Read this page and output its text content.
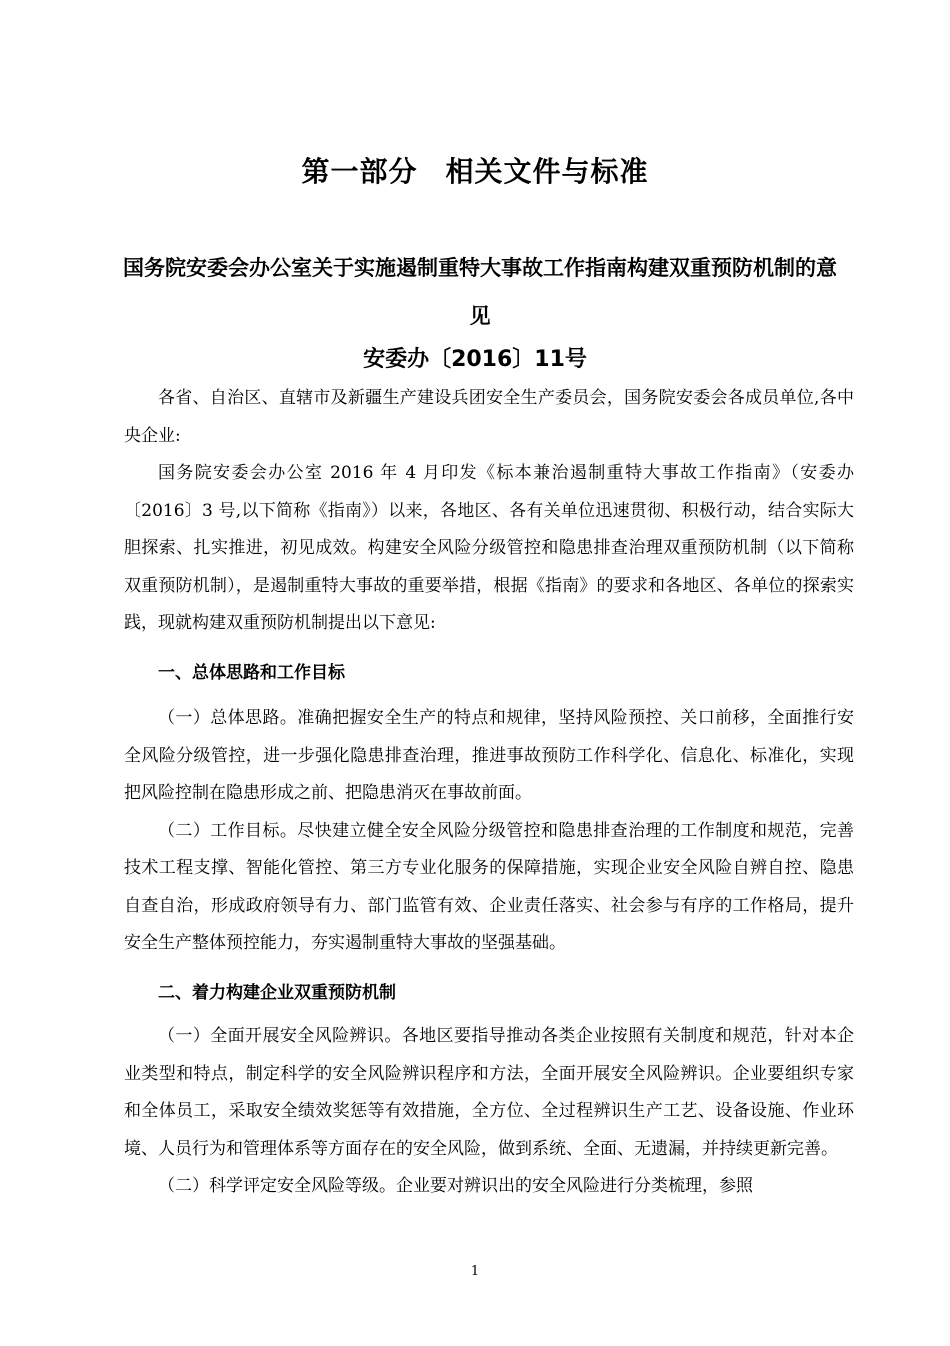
第一部分 相关文件与标准
国务院安委会办公室关于实施遏制重特大事故工作指南构建双重预防机制的意见
安委办〔2016〕11号

各省、自治区、直辖市及新疆生产建设兵团安全生产委员会，国务院安委会各成员单位,各中央企业:

国务院安委会办公室 2016 年 4 月印发《标本兼治遏制重特大事故工作指南》（安委办〔2016〕3 号,以下简称《指南》）以来，各地区、各有关单位迅速贯彻、积极行动，结合实际大胆探索、扎实推进，初见成效。构建安全风险分级管控和隐患排查治理双重预防机制（以下简称双重预防机制），是遏制重特大事故的重要举措，根据《指南》的要求和各地区、各单位的探索实践，现就构建双重预防机制提出以下意见:

一、总体思路和工作目标

（一）总体思路。准确把握安全生产的特点和规律，坚持风险预控、关口前移，全面推行安全风险分级管控，进一步强化隐患排查治理，推进事故预防工作科学化、信息化、标准化，实现把风险控制在隐患形成之前、把隐患消灭在事故前面。

（二）工作目标。尽快建立健全安全风险分级管控和隐患排查治理的工作制度和规范，完善技术工程支撑、智能化管控、第三方专业化服务的保障措施，实现企业安全风险自辨自控、隐患自查自治，形成政府领导有力、部门监管有效、企业责任落实、社会参与有序的工作格局，提升安全生产整体预控能力，夯实遏制重特大事故的坚强基础。

二、着力构建企业双重预防机制

（一）全面开展安全风险辨识。各地区要指导推动各类企业按照有关制度和规范，针对本企业类型和特点，制定科学的安全风险辨识程序和方法，全面开展安全风险辨识。企业要组织专家和全体员工，采取安全绩效奖惩等有效措施，全方位、全过程辨识生产工艺、设备设施、作业环境、人员行为和管理体系等方面存在的安全风险，做到系统、全面、无遗漏，并持续更新完善。

（二）科学评定安全风险等级。企业要对辨识出的安全风险进行分类梳理，参照

1
